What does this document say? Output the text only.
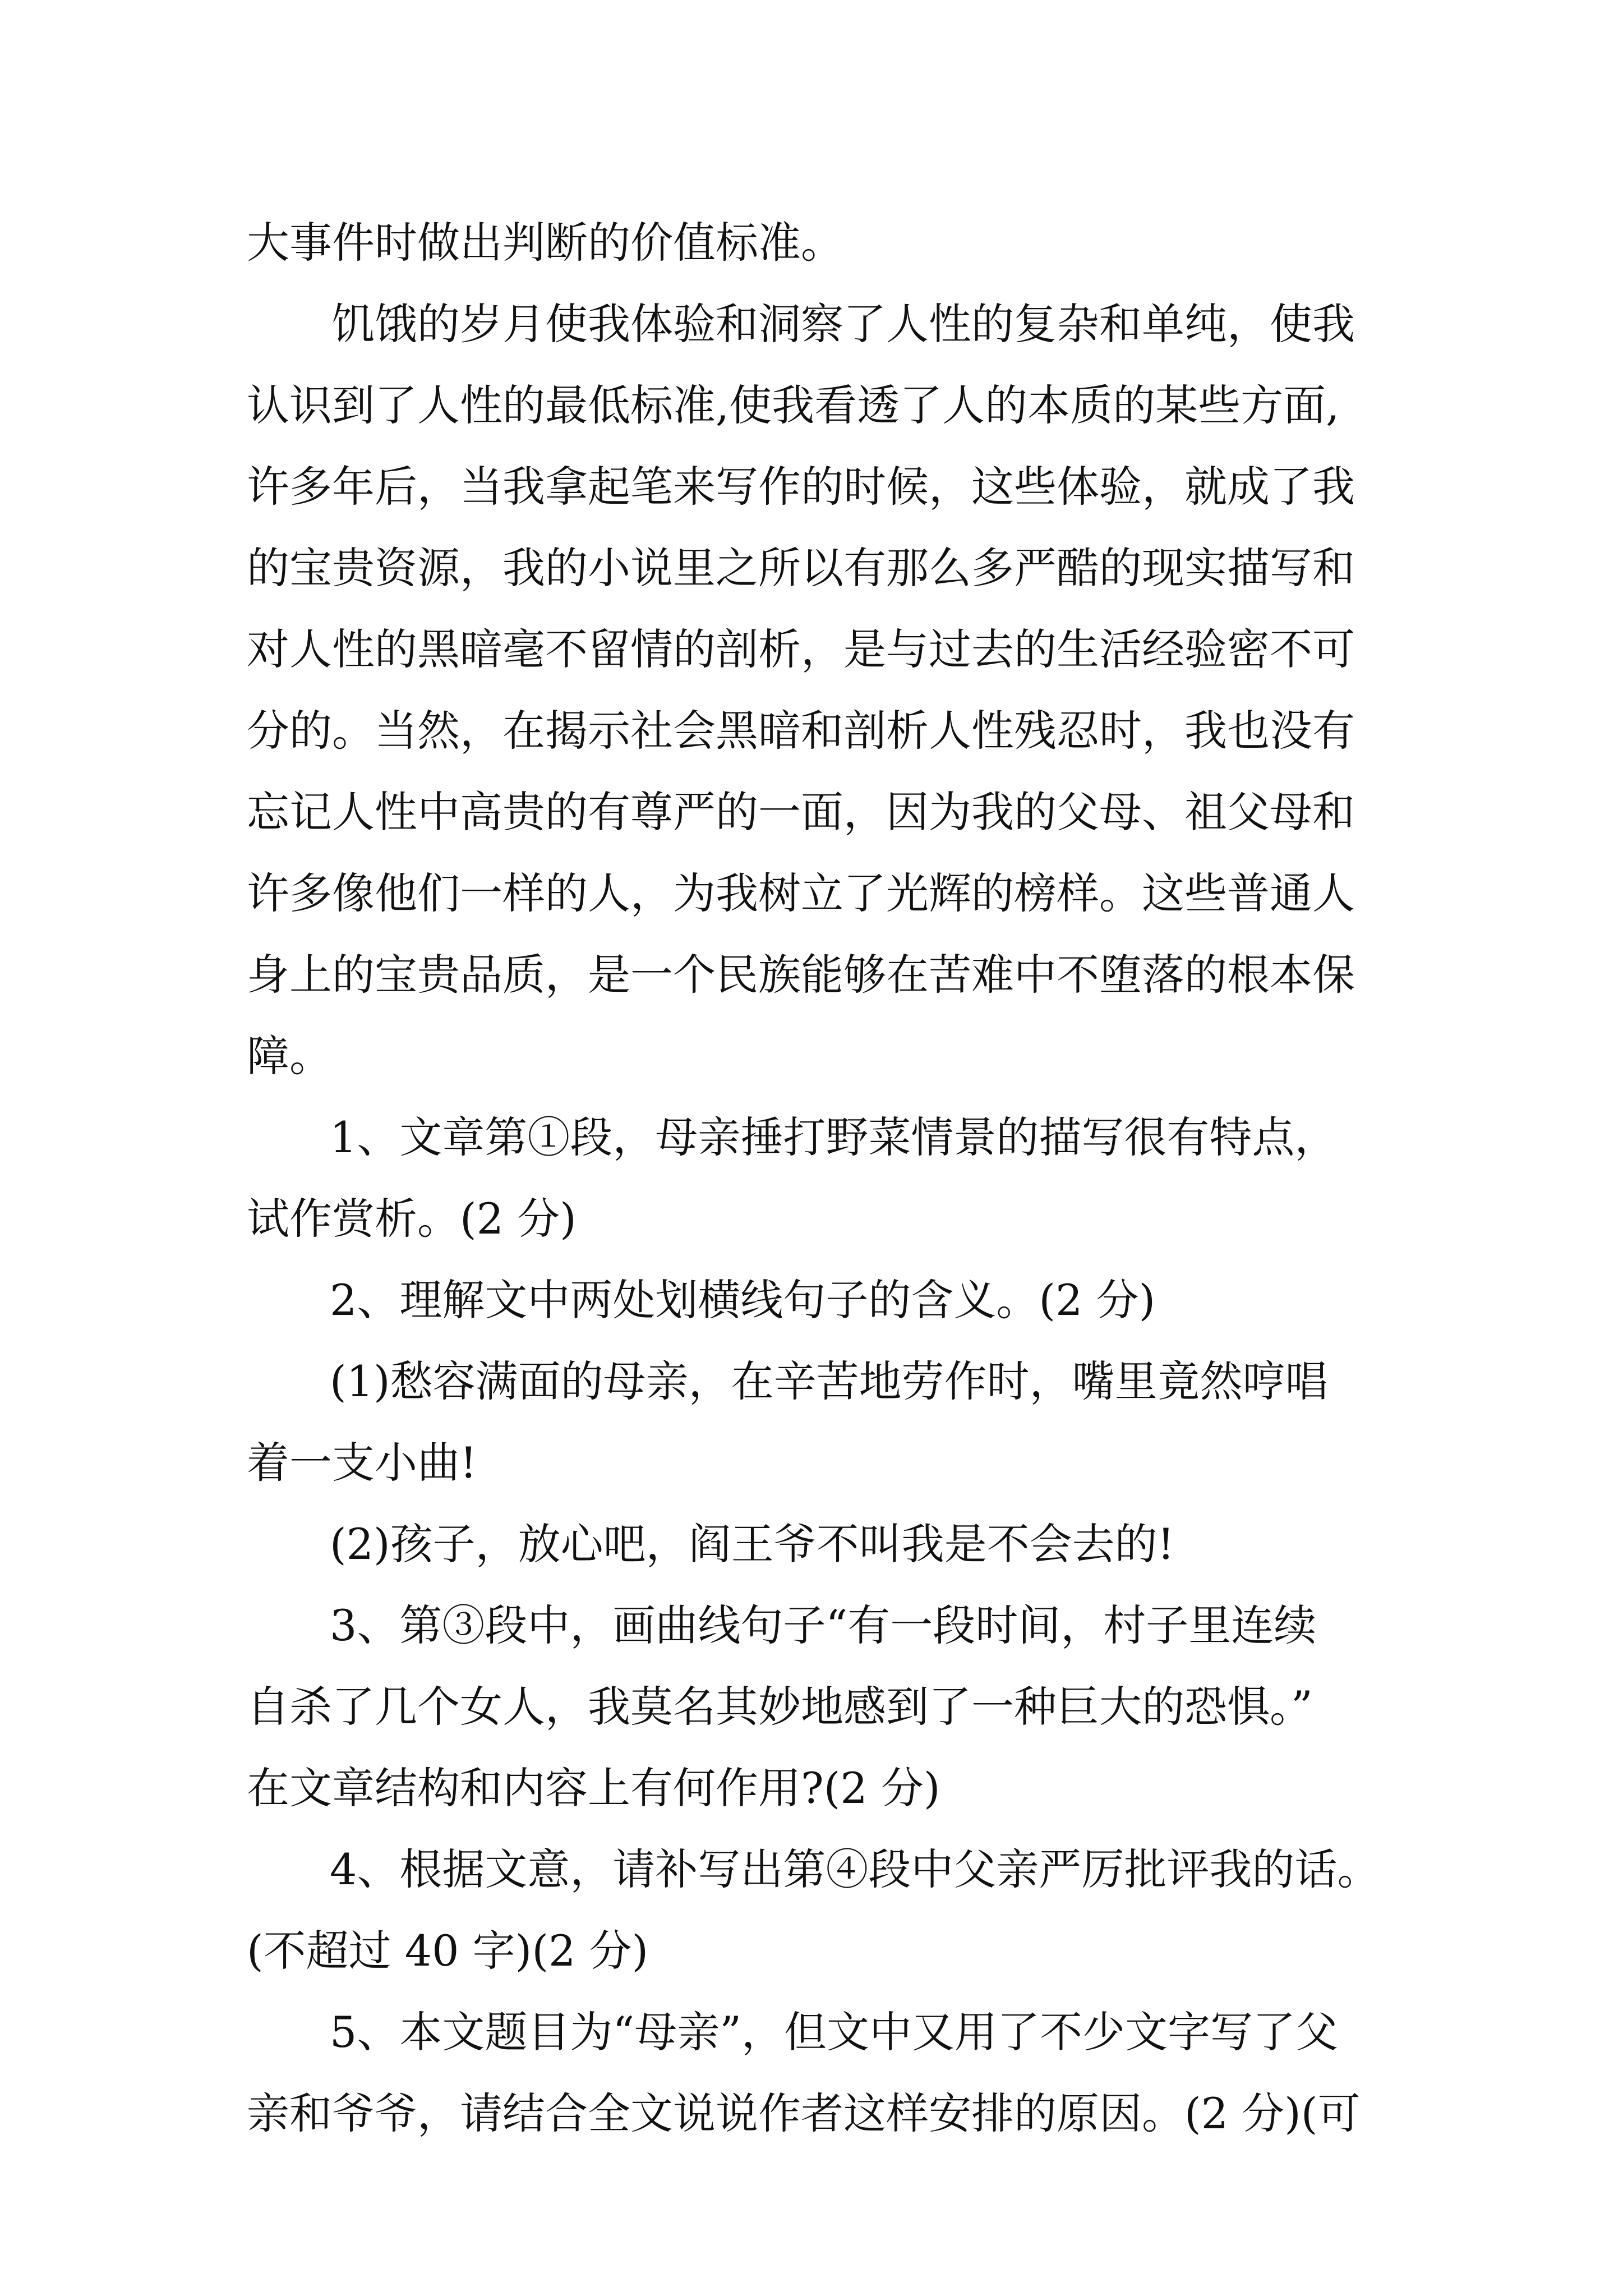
大事件时做出判断的价值标准。
饥饿的岁月使我体验和洞察了人性的复杂和单纯，使我
认识到了人性的最低标准,使我看透了人的本质的某些方面,
许多年后，当我拿起笔来写作的时候，这些体验，就成了我
的宝贵资源，我的小说里之所以有那么多严酷的现实描写和
对人性的黑暗毫不留情的剖析，是与过去的生活经验密不可
分的。当然，在揭示社会黑暗和剖析人性残忍时，我也没有
忘记人性中高贵的有尊严的一面，因为我的父母、祖父母和
许多像他们一样的人，为我树立了光辉的榜样。这些普通人
身上的宝贵品质，是一个民族能够在苦难中不堕落的根本保
障。
1、文章第①段，母亲捶打野菜情景的描写很有特点，
试作赏析。(2 分)
2、理解文中两处划横线句子的含义。(2 分)
(1)愁容满面的母亲，在辛苦地劳作时，嘴里竟然哼唱
着一支小曲!
(2)孩子，放心吧，阎王爷不叫我是不会去的!
3、第③段中，画曲线句子“有一段时间，村子里连续
自杀了几个女人，我莫名其妙地感到了一种巨大的恐惧。”
在文章结构和内容上有何作用?(2 分)
4、根据文意，请补写出第④段中父亲严厉批评我的话。
(不超过 40 字)(2 分)
5、本文题目为“母亲”，但文中又用了不少文字写了父
亲和爷爷，请结合全文说说作者这样安排的原因。(2 分)(可
